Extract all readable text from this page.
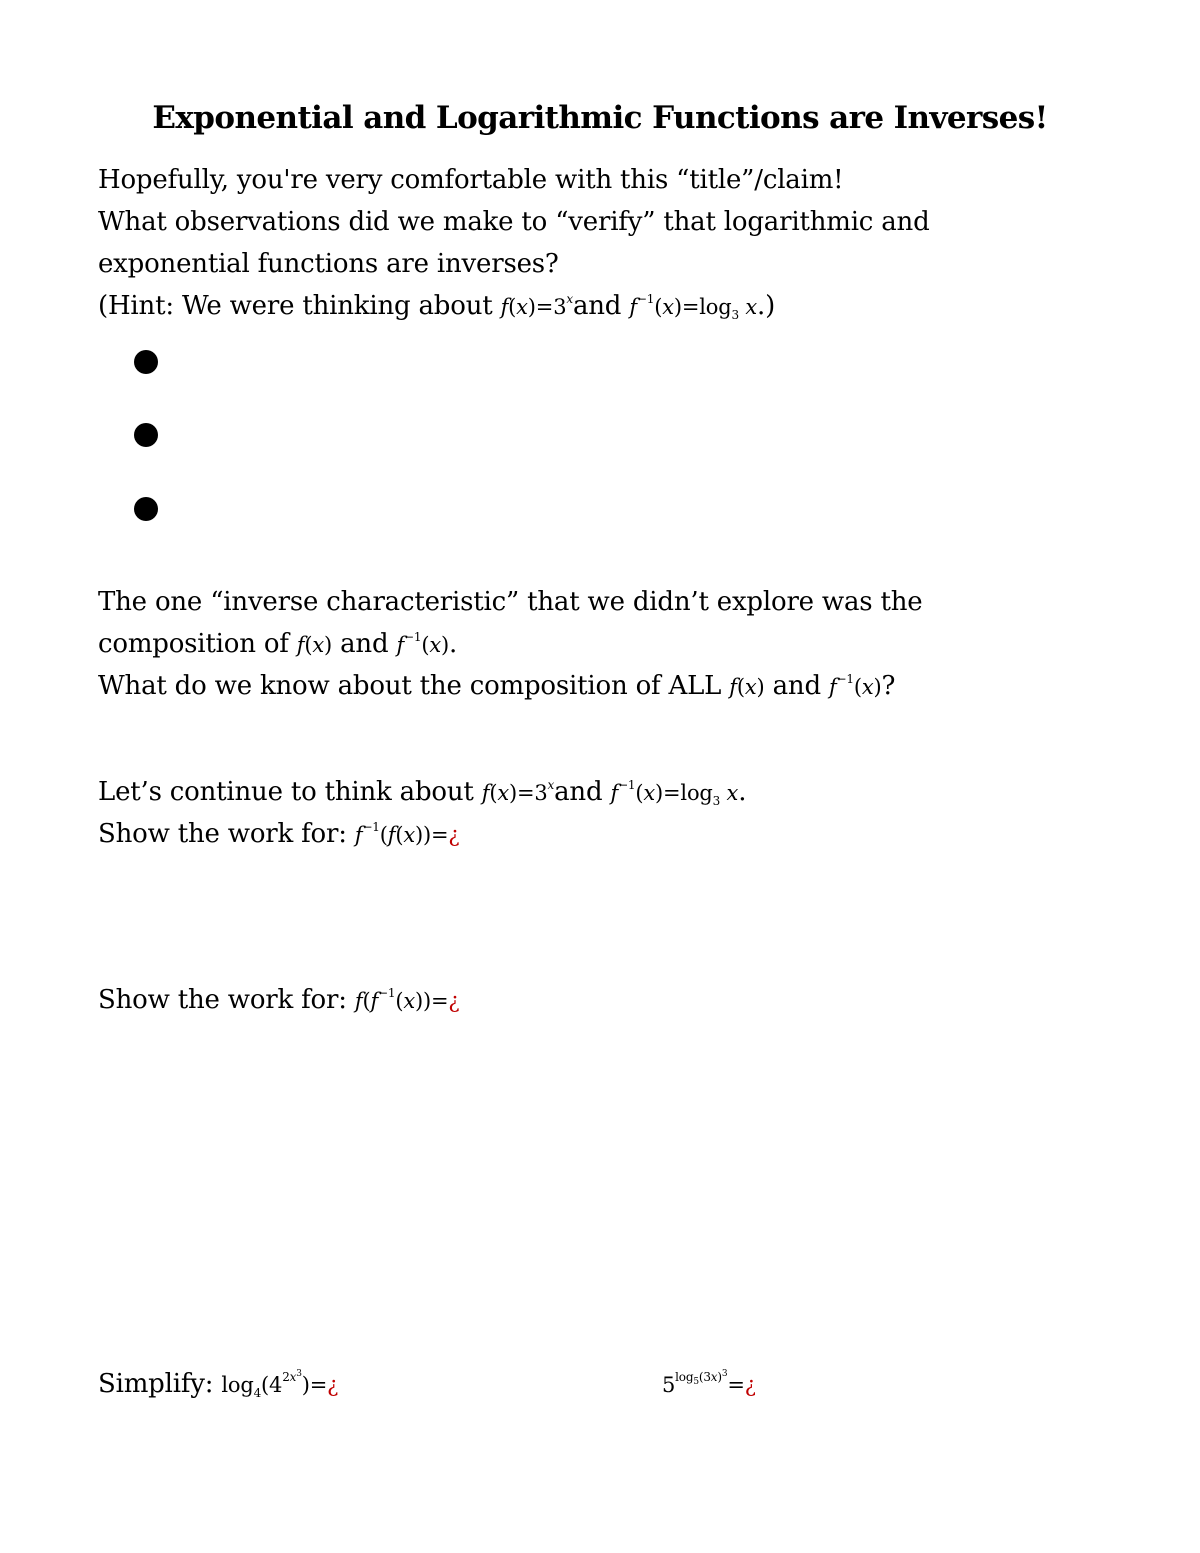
Exponential and Logarithmic Functions are Inverses!
Hopefully, you're very comfortable with this “title”/claim!
What observations did we make to “verify” that logarithmic and
exponential functions are inverses?
(Hint: We were thinking about $f(x)=3^xand$ $f^{-1}(x)=\log_3$ x.)
The one “inverse characteristic” that we didn’t explore was the
composition of f(x) and $f^{-1}(x)$.
What do we know about the composition of ALL f(x) and $f^{-1}(x)$?
Let’s continue to think about $f(x)=3^xand$ $f^{-1}(x)=\log_3$ x.
Show the work for: $f^{-1}(f(x))=¿$
Show the work for: $f(f^{-1}(x))=¿$
Simplify: $\log_4(4^{2x^3})=¿$	$5^{log_5(3x)^3}=¿$
